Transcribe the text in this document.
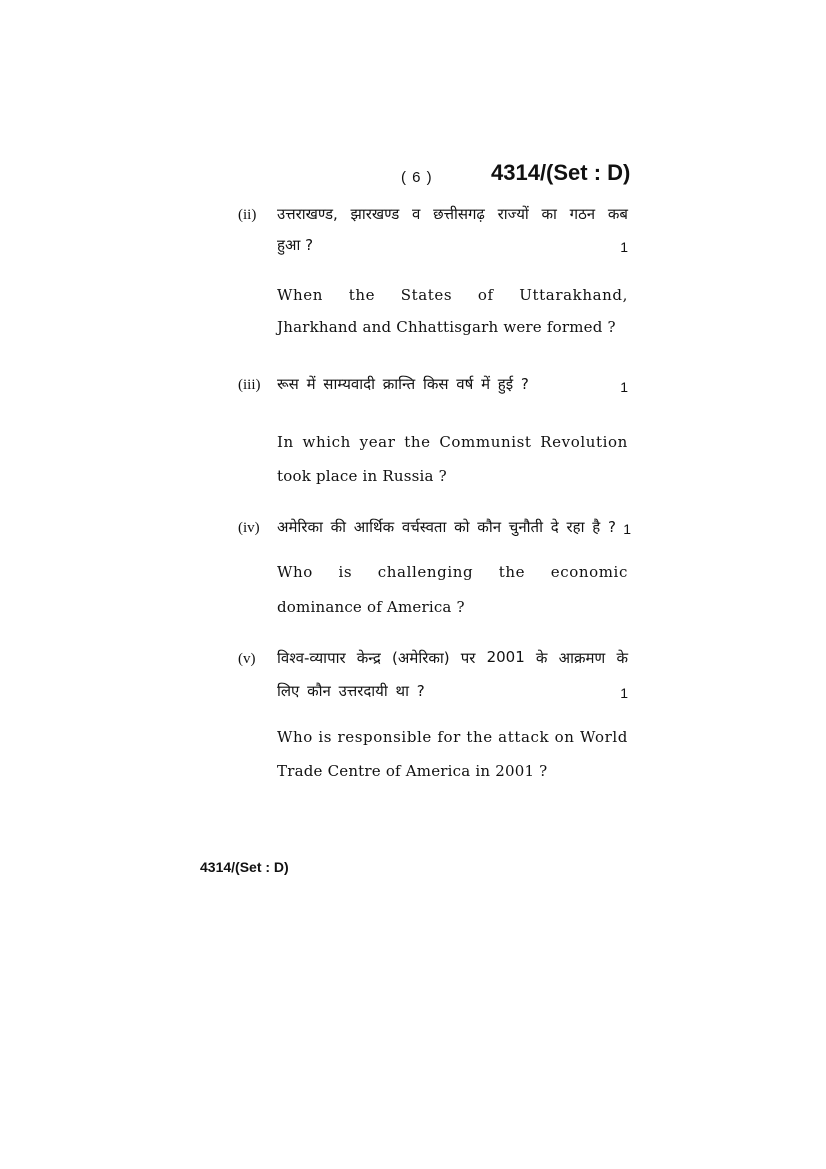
( 6 )	4314/(Set : D)
(ii) उत्तराखण्ड, झारखण्ड व छत्तीसगढ़ राज्यों का गठन कब
हुआ ?	1
When the States of Uttarakhand,
Jharkhand and Chhattisgarh were formed ?
(iii) रूस में साम्यवादी क्रान्ति किस वर्ष में हुई ?	1
In which year the Communist Revolution
took place in Russia ?
(iv) अमेरिका की आर्थिक वर्चस्वता को कौन चुनौती दे रहा है ? 1
Who is challenging the economic
dominance of America ?
(v) विश्व-व्यापार केन्द्र (अमेरिका) पर 2001 के आक्रमण के
लिए कौन उत्तरदायी था ?	1
Who is responsible for the attack on World
Trade Centre of America in 2001 ?
4314/(Set : D)
